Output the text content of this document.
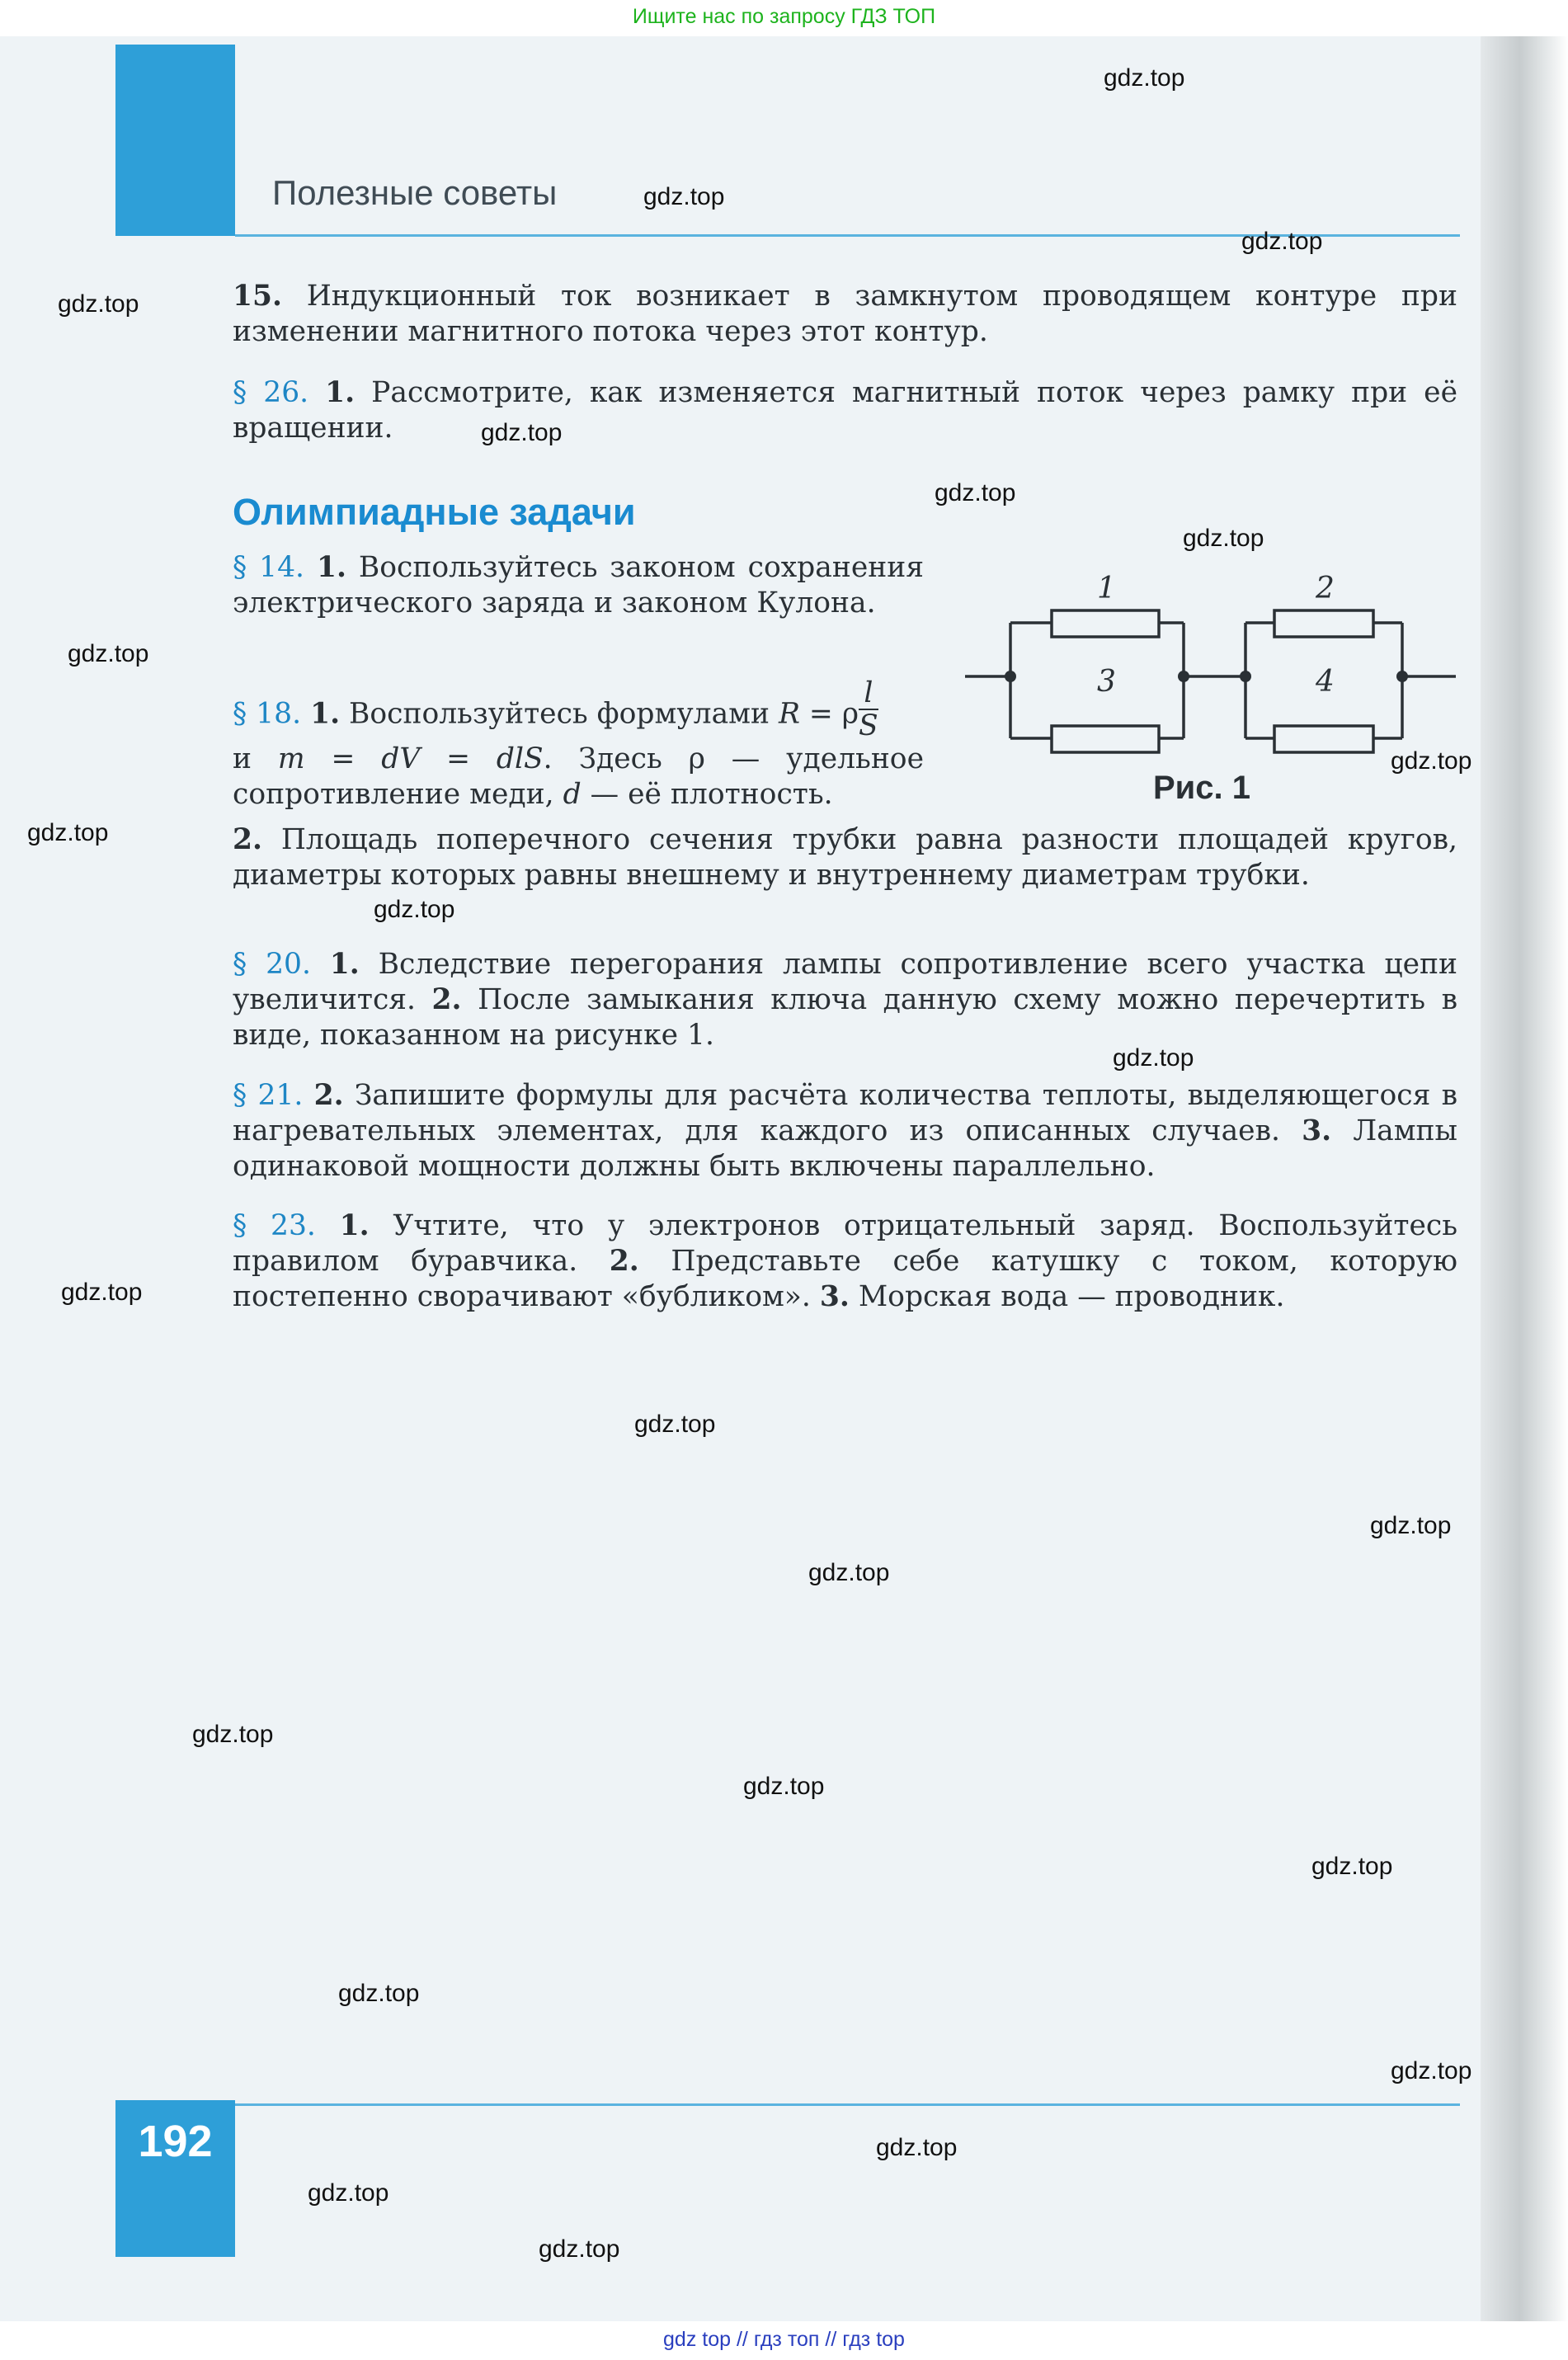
Ищите нас по запросу ГДЗ ТОП
Полезные советы

15. Индукционный ток возникает в замкнутом проводящем контуре при изменении магнитного потока через этот контур.

§ 26. 1. Рассмотрите, как изменяется магнитный поток через рамку при её вращении.

Олимпиадные задачи

§ 14. 1. Воспользуйтесь законом сохранения электрического заряда и законом Кулона.

§ 18. 1. Воспользуйтесь формулами R = ρ $\frac{l}{S}$

и m = dV = dlS. Здесь ρ — удельное сопротивление меди, d — её плотность.

2. Площадь поперечного сечения трубки равна разности площадей кругов, диаметры которых равны внешнему и внутреннему диаметрам трубки.

1	2
3	4
Рис. 1

§ 20. 1. Вследствие перегорания лампы сопротивление всего участка цепи увеличится. 2. После замыкания ключа данную схему можно перечертить в виде, показанном на рисунке 1.

§ 21. 2. Запишите формулы для расчёта количества теплоты, выделяющегося в нагревательных элементах, для каждого из описанных случаев. 3. Лампы одинаковой мощности должны быть включены параллельно.

§ 23. 1. Учтите, что у электронов отрицательный заряд. Воспользуйтесь правилом буравчика. 2. Представьте себе катушку с током, которую постепенно сворачивают «бубликом». 3. Морская вода — проводник.

192
gdz.top
gdz.top
gdz.top
gdz.top
gdz.top
gdz.top
gdz.top
gdz.top
gdz.top
gdz.top
gdz.top
gdz.top
gdz.top
gdz.top
gdz.top
gdz.top
gdz.top
gdz.top
gdz.top
gdz.top
gdz.top
gdz.top
gdz.top
gdz.top
gdz top // гдз топ // гдз top
